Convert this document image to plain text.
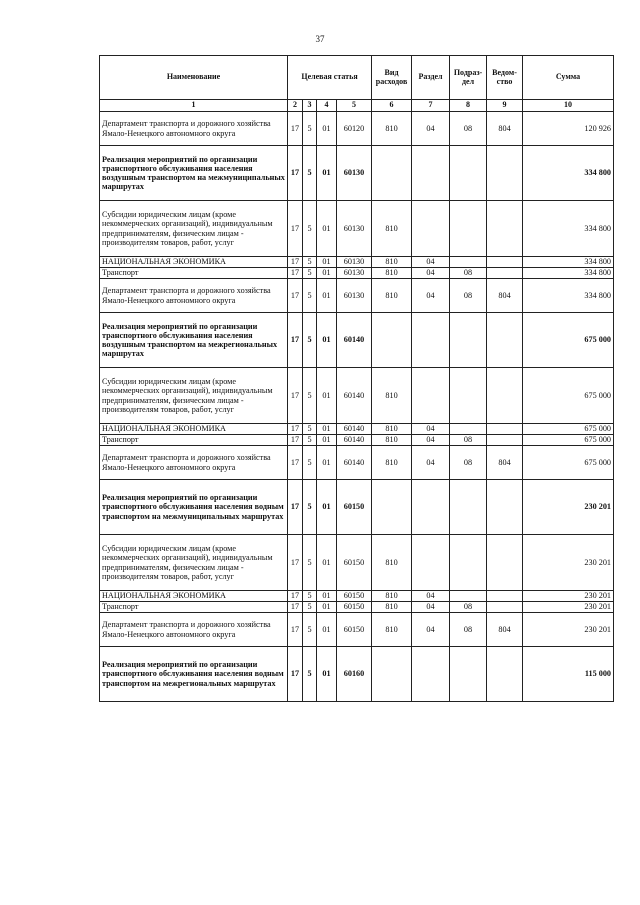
37
Наименование	Целевая статья				Вид расходов	Раздел	Подраз-дел	Ведом-ство	Сумма
1	2	3	4	5	6	7	8	9	10
Департамент транспорта и дорожного хозяйства Ямало-Ненецкого автономного округа	17	5	01	60120	810	04	08	804	120 926
Реализация мероприятий по организации транспортного обслуживания населения воздушным транспортом на межмуниципальных маршрутах	17	5	01	60130					334 800
Субсидии юридическим лицам (кроме некоммерческих организаций), индивидуальным предпринимателям, физическим лицам - производителям товаров, работ, услуг	17	5	01	60130	810				334 800
НАЦИОНАЛЬНАЯ ЭКОНОМИКА	17	5	01	60130	810	04			334 800
Транспорт	17	5	01	60130	810	04	08		334 800
Департамент транспорта и дорожного хозяйства Ямало-Ненецкого автономного округа	17	5	01	60130	810	04	08	804	334 800
Реализация мероприятий по организации транспортного обслуживания населения воздушным транспортом на межрегиональных маршрутах	17	5	01	60140					675 000
Субсидии юридическим лицам (кроме некоммерческих организаций), индивидуальным предпринимателям, физическим лицам - производителям товаров, работ, услуг	17	5	01	60140	810				675 000
НАЦИОНАЛЬНАЯ ЭКОНОМИКА	17	5	01	60140	810	04			675 000
Транспорт	17	5	01	60140	810	04	08		675 000
Департамент транспорта и дорожного хозяйства Ямало-Ненецкого автономного округа	17	5	01	60140	810	04	08	804	675 000
Реализация мероприятий по организации транспортного обслуживания населения водным транспортом на межмуниципальных маршрутах	17	5	01	60150					230 201
Субсидии юридическим лицам (кроме некоммерческих организаций), индивидуальным предпринимателям, физическим лицам - производителям товаров, работ, услуг	17	5	01	60150	810				230 201
НАЦИОНАЛЬНАЯ ЭКОНОМИКА	17	5	01	60150	810	04			230 201
Транспорт	17	5	01	60150	810	04	08		230 201
Департамент транспорта и дорожного хозяйства Ямало-Ненецкого автономного округа	17	5	01	60150	810	04	08	804	230 201
Реализация мероприятий по организации транспортного обслуживания населения водным транспортом на межрегиональных маршрутах	17	5	01	60160					115 000
